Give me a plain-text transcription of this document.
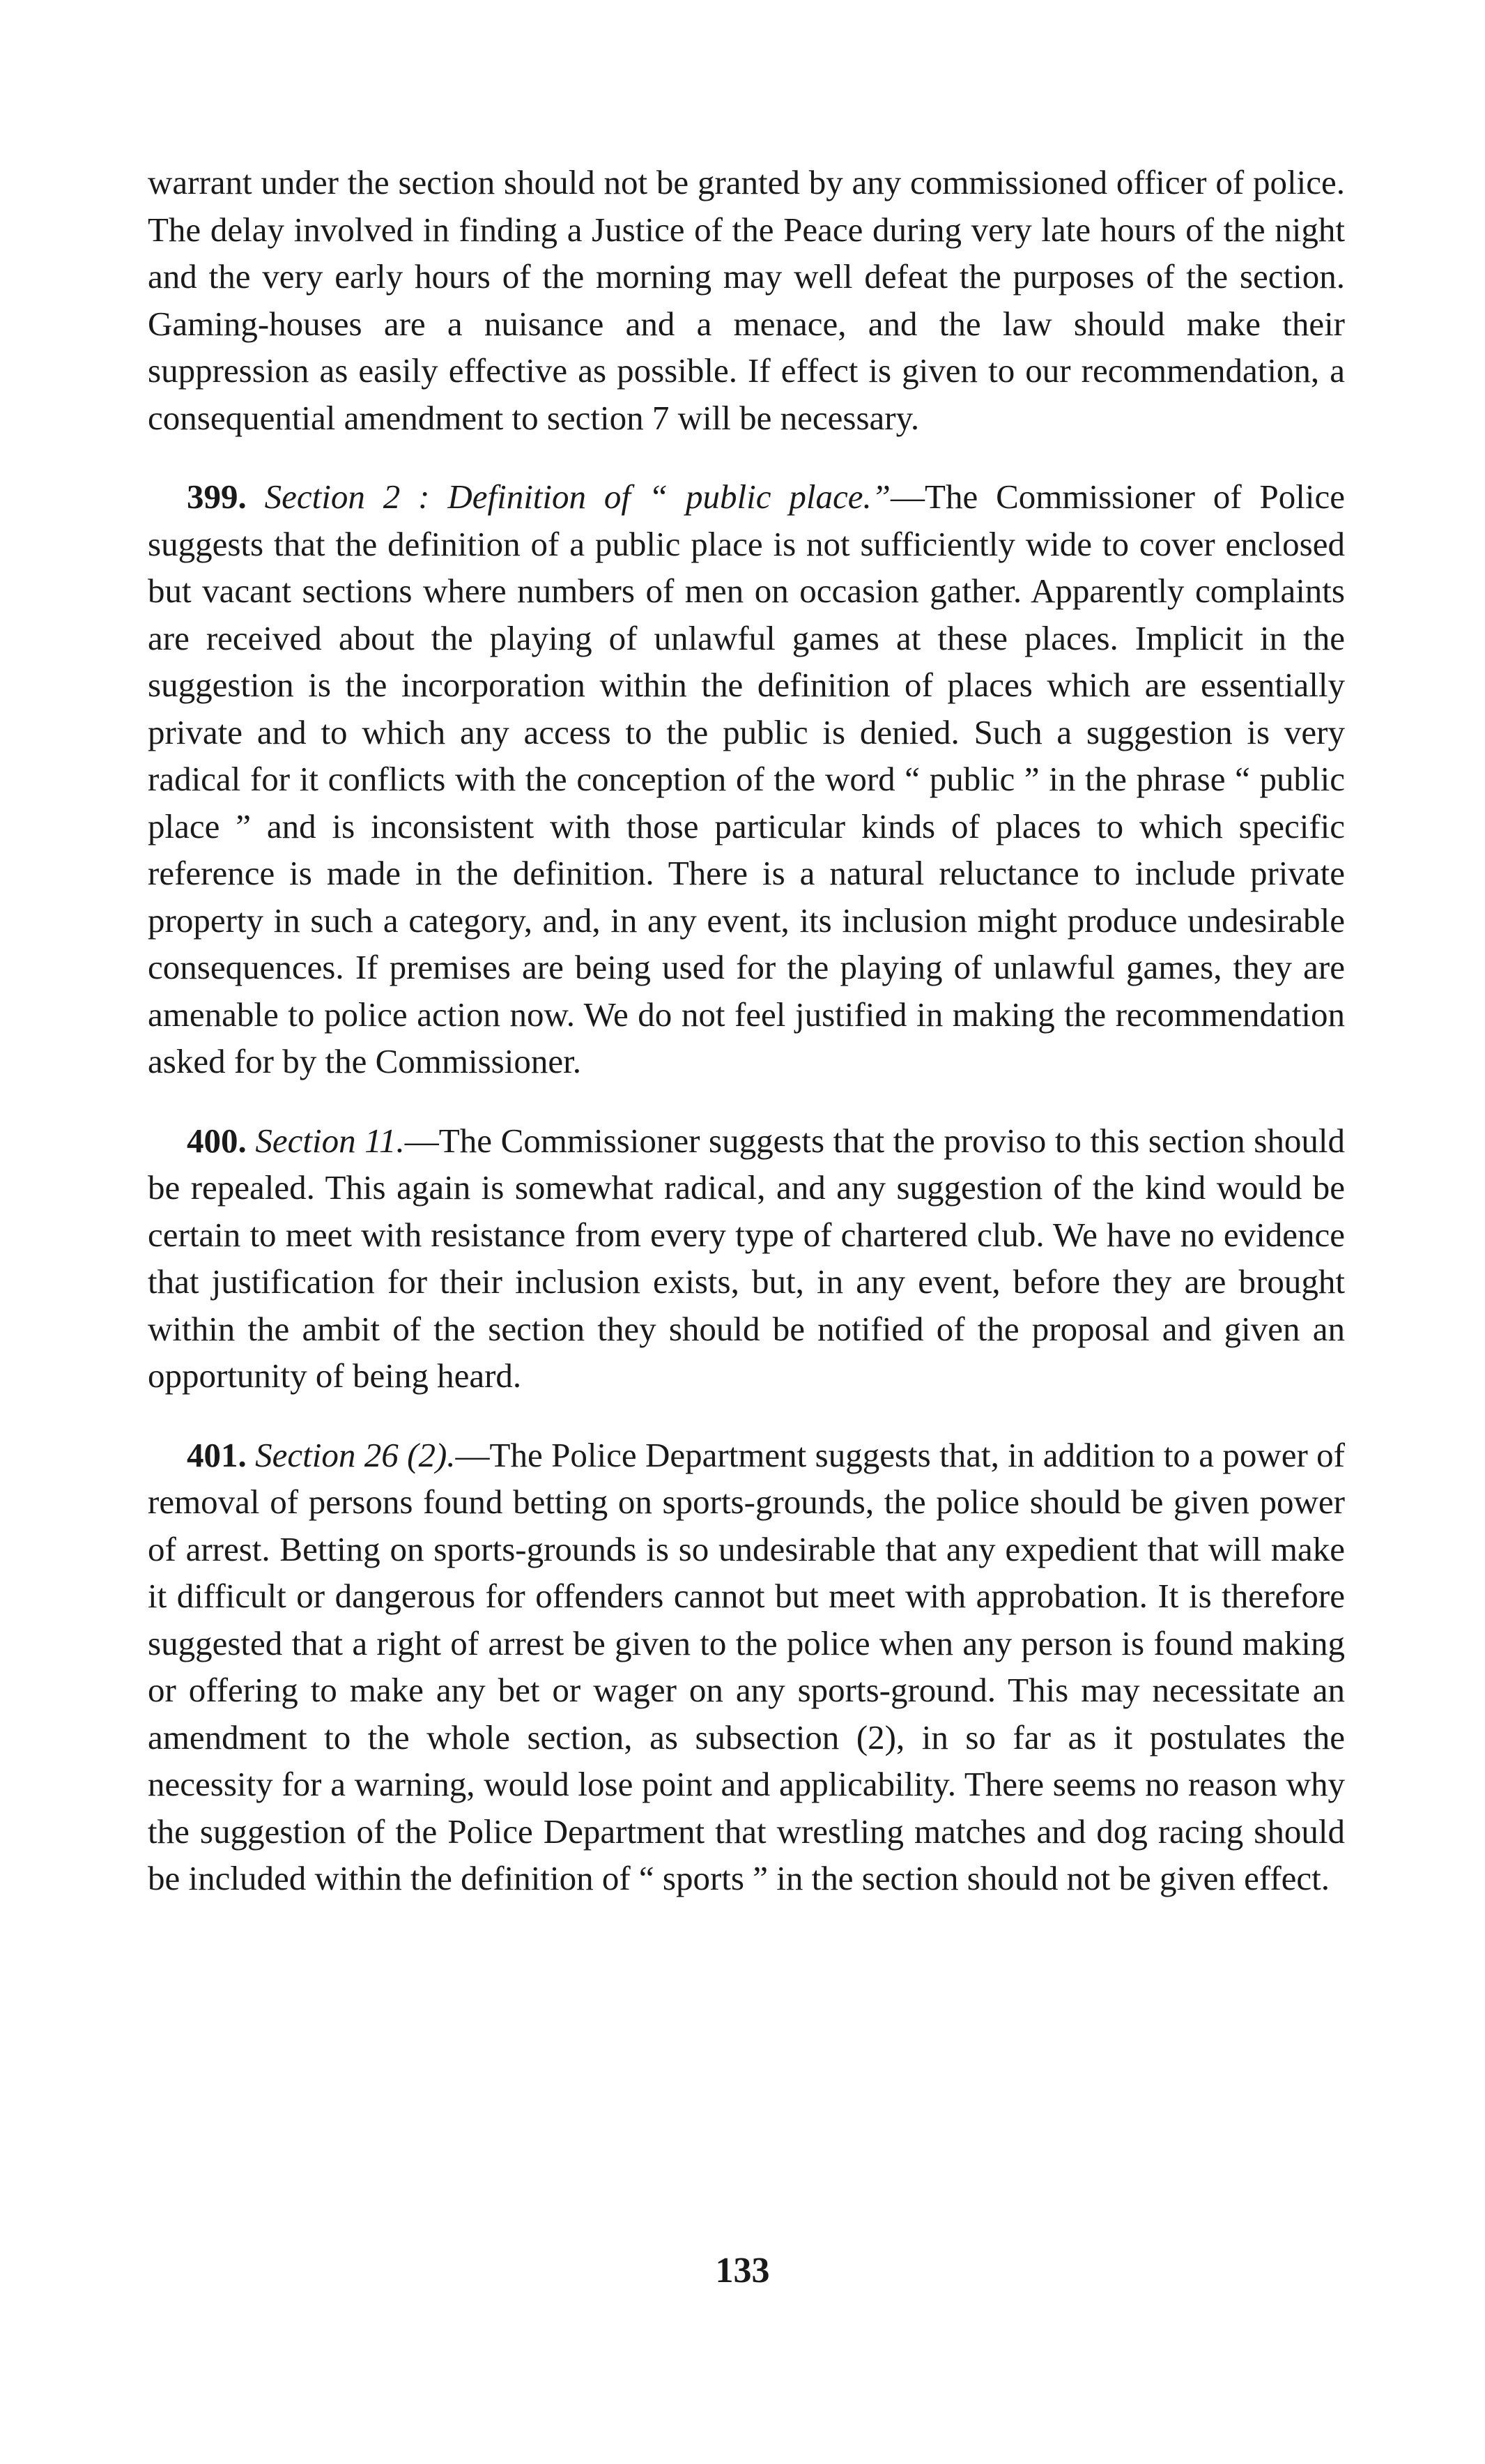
warrant under the section should not be granted by any commissioned officer of police. The delay involved in finding a Justice of the Peace during very late hours of the night and the very early hours of the morning may well defeat the purposes of the section. Gaming-houses are a nuisance and a menace, and the law should make their suppression as easily effective as possible. If effect is given to our recommendation, a consequential amendment to section 7 will be necessary.

399. Section 2 : Definition of “ public place.”—The Commissioner of Police suggests that the definition of a public place is not sufficiently wide to cover enclosed but vacant sections where numbers of men on occasion gather. Apparently complaints are received about the playing of unlawful games at these places. Implicit in the suggestion is the incorporation within the definition of places which are essentially private and to which any access to the public is denied. Such a suggestion is very radical for it conflicts with the conception of the word “ public ” in the phrase “ public place ” and is inconsistent with those particular kinds of places to which specific reference is made in the definition. There is a natural reluctance to include private property in such a category, and, in any event, its inclusion might produce undesirable consequences. If premises are being used for the playing of unlawful games, they are amenable to police action now. We do not feel justified in making the recommendation asked for by the Commissioner.

400. Section 11.—The Commissioner suggests that the proviso to this section should be repealed. This again is somewhat radical, and any suggestion of the kind would be certain to meet with resistance from every type of chartered club. We have no evidence that justification for their inclusion exists, but, in any event, before they are brought within the ambit of the section they should be notified of the proposal and given an opportunity of being heard.

401. Section 26 (2).—The Police Department suggests that, in addition to a power of removal of persons found betting on sports-grounds, the police should be given power of arrest. Betting on sports-grounds is so undesirable that any expedient that will make it difficult or dangerous for offenders cannot but meet with approbation. It is therefore suggested that a right of arrest be given to the police when any person is found making or offering to make any bet or wager on any sports-ground. This may necessitate an amendment to the whole section, as subsection (2), in so far as it postulates the necessity for a warning, would lose point and applicability. There seems no reason why the suggestion of the Police Department that wrestling matches and dog racing should be included within the definition of “ sports ” in the section should not be given effect.

133
